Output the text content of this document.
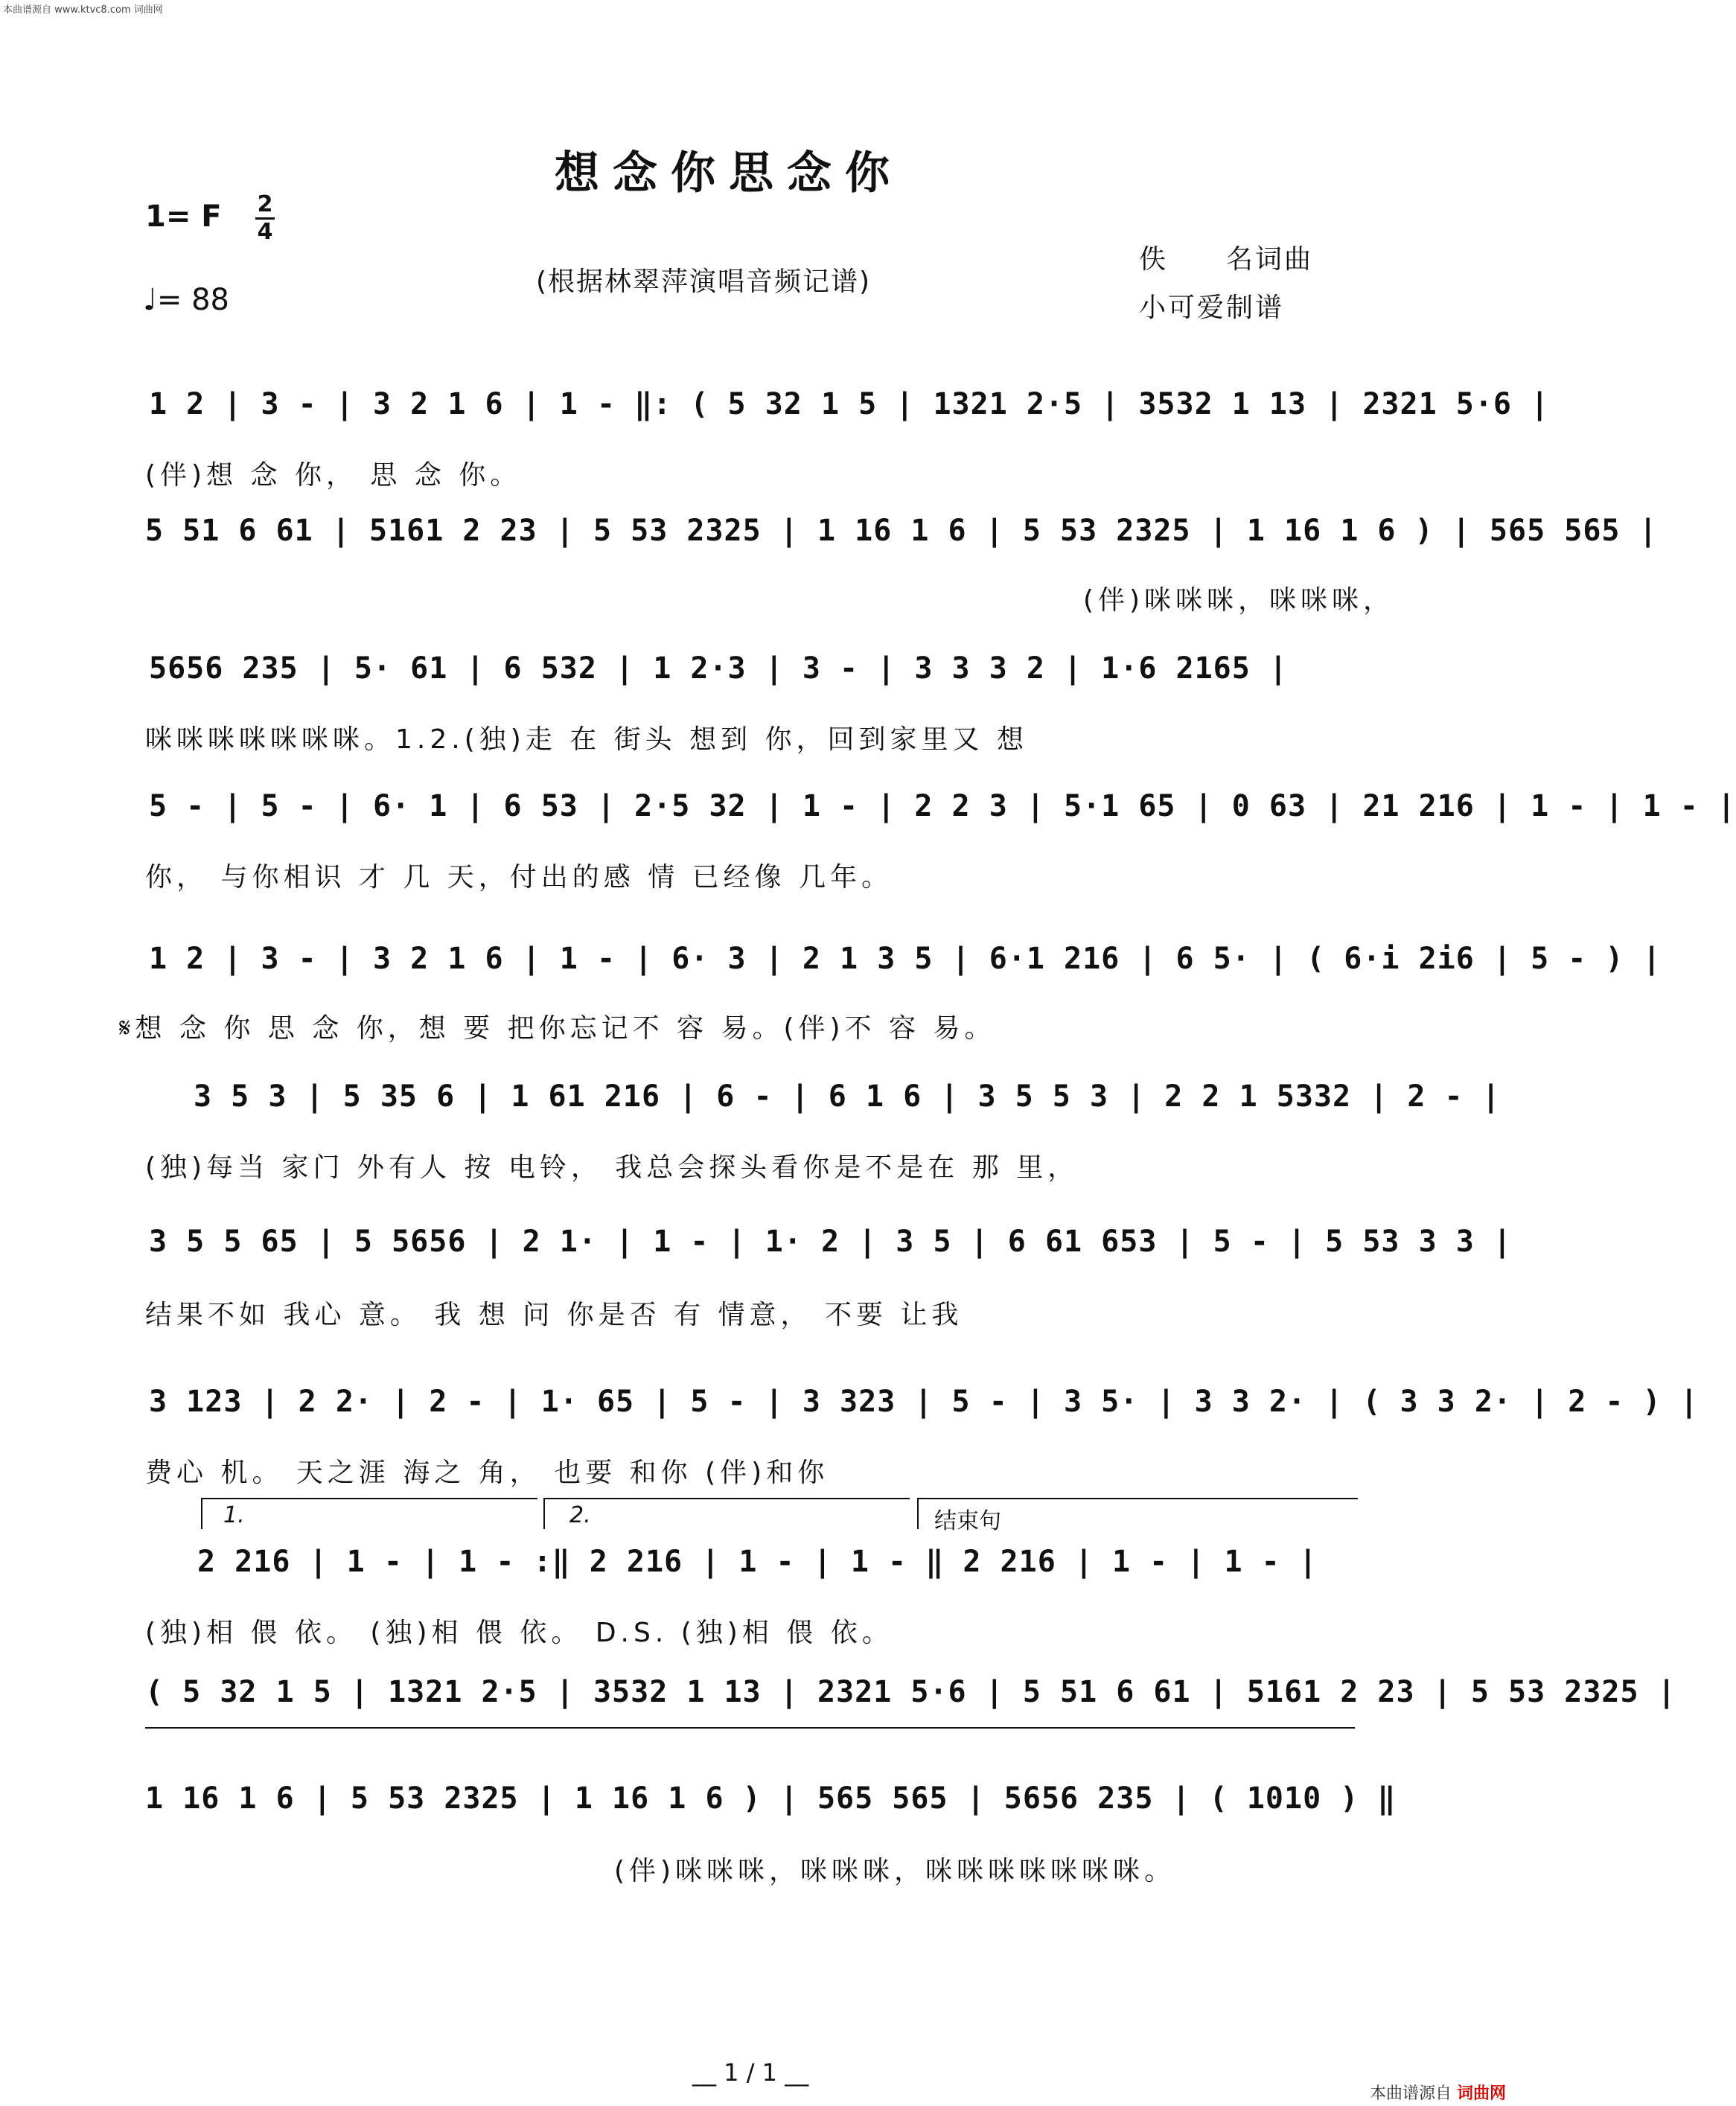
本曲谱源自 www.ktvc8.com 词曲网
想念你思念你
1= F 2
4
♩= 88
(根据林翠萍演唱音频记谱)
佚　　名词曲
小可爱制谱
1 2 | 3 - | 3 2 1 6 | 1 - ‖: ( 5 32 1 5 | 1321 2·5 | 3532 1 13 | 2321 5·6 |
(伴)想 念 你， 思 念 你。
5 51 6 61 | 5161 2 23 | 5 53 2325 | 1 16 1 6 | 5 53 2325 | 1 16 1 6 ) | 565 565 |
(伴)咪咪咪，咪咪咪，
5656 235 | 5· 61 | 6 532 | 1 2·3 | 3 - | 3 3 3 2 | 1·6 2165 |
咪咪咪咪咪咪咪。1.2.(独)走 在 街头 想到 你，回到家里又 想
5 - | 5 - | 6· 1 | 6 53 | 2·5 32 | 1 - | 2 2 3 | 5·1 65 | 0 63 | 21 216 | 1 - | 1 - |
你， 与你相识 才 几 天，付出的感 情 已经像 几年。
1 2 | 3 - | 3 2 1 6 | 1 - | 6· 3 | 2 1 3 5 | 6·1 216 | 6 5· | ( 6·i 2i6 | 5 - ) |
𝄋想 念 你 思 念 你，想 要 把你忘记不 容 易。(伴)不 容 易。
3 5 3 | 5 35 6 | 1 61 216 | 6 - | 6 1 6 | 3 5 5 3 | 2 2 1 5332 | 2 - |
(独)每当 家门 外有人 按 电铃， 我总会探头看你是不是在 那 里，
3 5 5 65 | 5 5656 | 2 1· | 1 - | 1· 2 | 3 5 | 6 61 653 | 5 - | 5 53 3 3 |
结果不如 我心 意。 我 想 问 你是否 有 情意， 不要 让我
3 123 | 2 2· | 2 - | 1· 65 | 5 - | 3 323 | 5 - | 3 5· | 3 3 2· | ( 3 3 2· | 2 - ) |
费心 机。 天之涯 海之 角， 也要 和你 (伴)和你
1.	2.	结束句
2 216 | 1 - | 1 - :‖ 2 216 | 1 - | 1 - ‖ 2 216 | 1 - | 1 - |
(独)相 偎 依。 (独)相 偎 依。 D.S. (独)相 偎 依。
( 5 32 1 5 | 1321 2·5 | 3532 1 13 | 2321 5·6 | 5 51 6 61 | 5161 2 23 | 5 53 2325 |
1 16 1 6 | 5 53 2325 | 1 16 1 6 ) | 565 565 | 5656 235 | ( 1010 ) ‖
(伴)咪咪咪，咪咪咪，咪咪咪咪咪咪咪。
__ 1 / 1 __
本曲谱源自 词曲网
